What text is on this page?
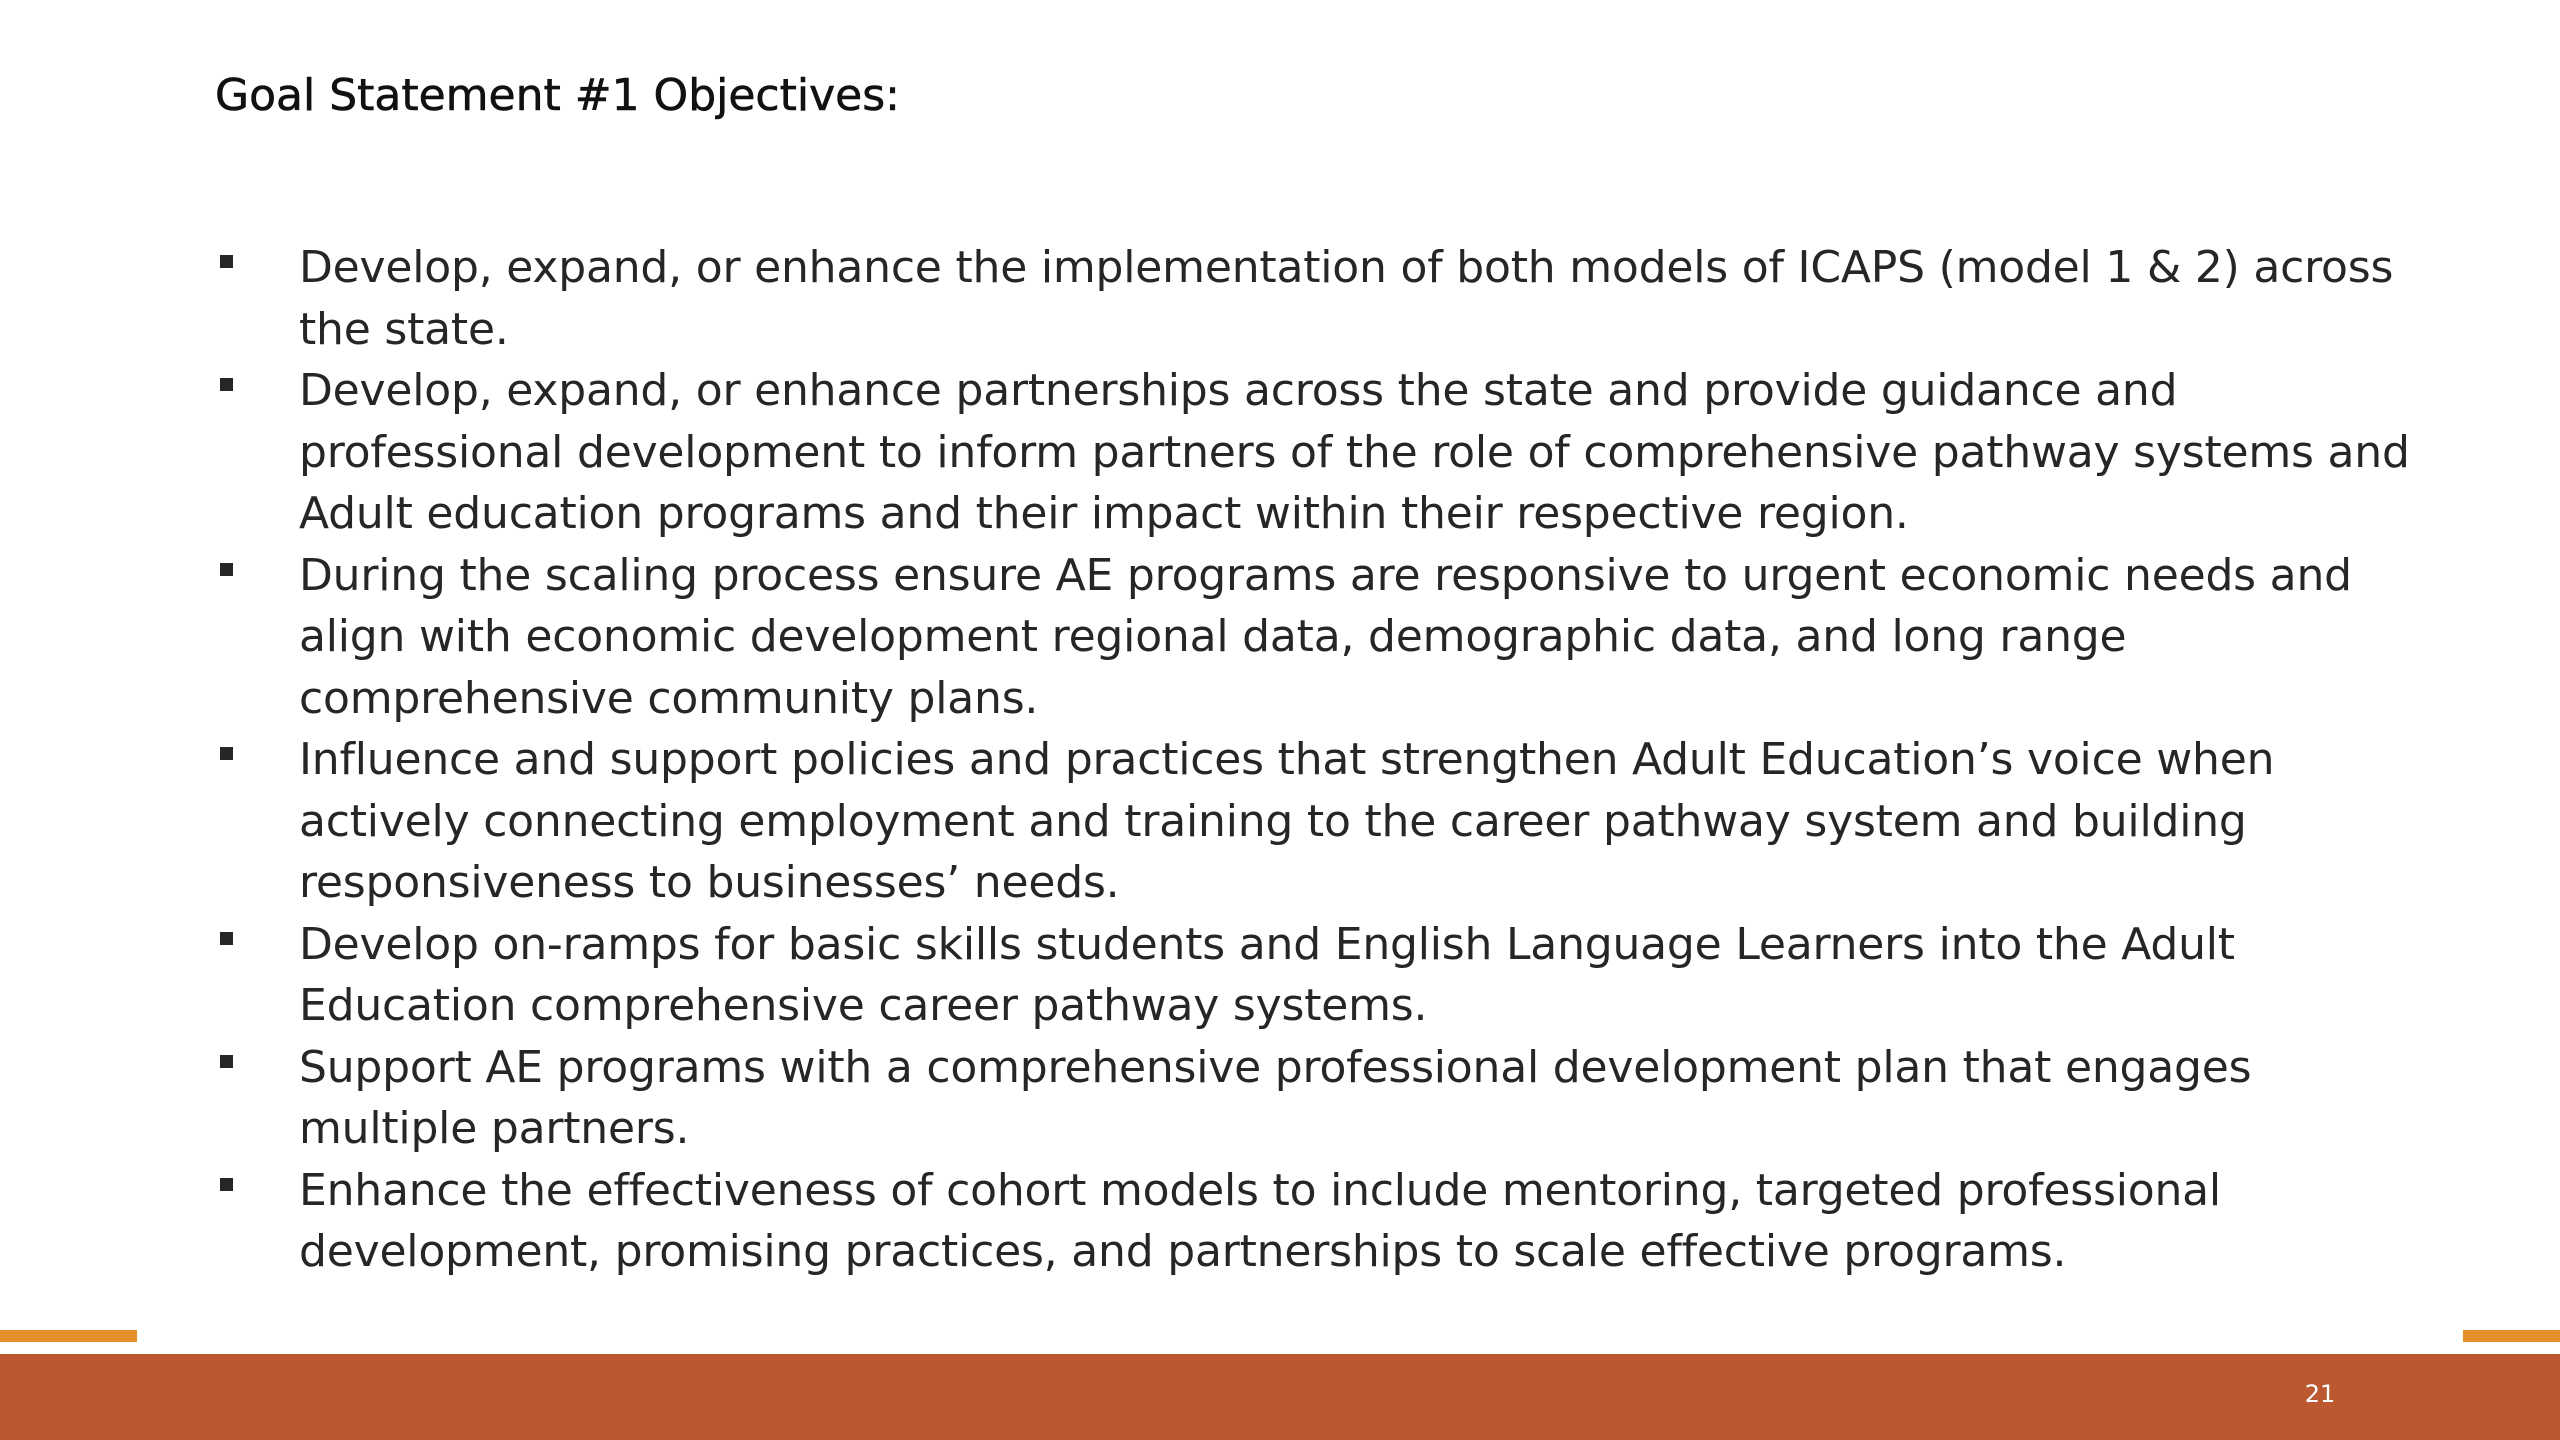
Goal Statement #1 Objectives:
Develop, expand, or enhance the implementation of both models of ICAPS (model 1 & 2) across the state.
Develop, expand, or enhance partnerships across the state and provide guidance and professional development to inform partners of the role of comprehensive pathway systems and Adult education programs and their impact within their respective region.
During the scaling process ensure AE programs are responsive to urgent economic needs and align with economic development regional data, demographic data, and long range comprehensive community plans.
Influence and support policies and practices that strengthen Adult Education’s voice when actively connecting employment and training to the career pathway system and building responsiveness to businesses’ needs.
Develop on-ramps for basic skills students and English Language Learners into the Adult Education comprehensive career pathway systems.
Support AE programs with a comprehensive professional development plan that engages multiple partners.
Enhance the effectiveness of cohort models to include mentoring, targeted professional development, promising practices, and partnerships to scale effective programs.
21
